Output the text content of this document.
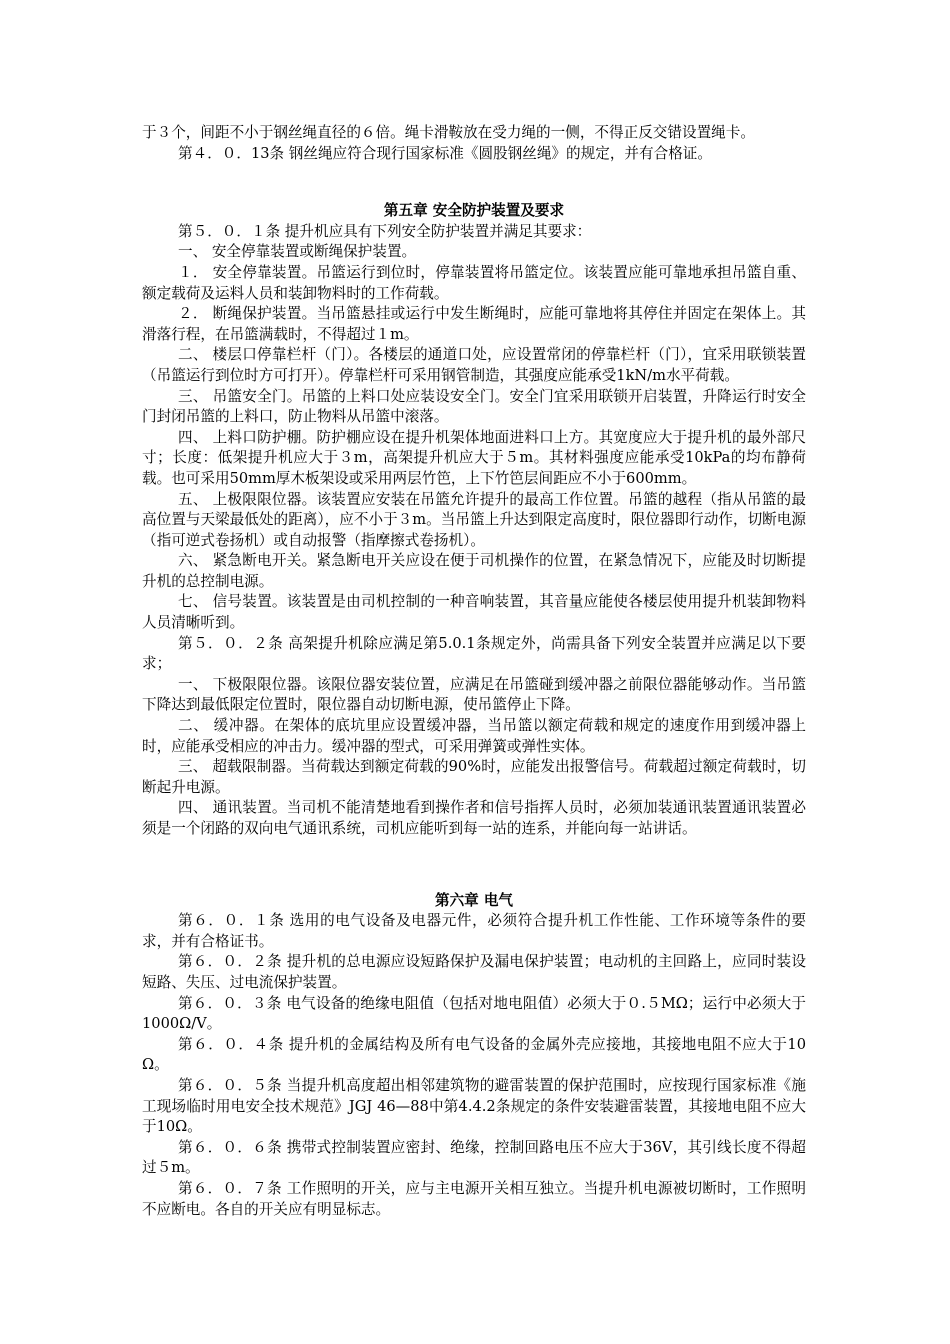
于３个，间距不小于钢丝绳直径的６倍。绳卡滑鞍放在受力绳的一侧，不得正反交错设置绳卡。

第４．０．13条 钢丝绳应符合现行国家标准《圆股钢丝绳》的规定，并有合格证。

第五章 安全防护装置及要求

第５．０．１条 提升机应具有下列安全防护装置并满足其要求：

一、 安全停靠装置或断绳保护装置。

１． 安全停靠装置。吊篮运行到位时，停靠装置将吊篮定位。该装置应能可靠地承担吊篮自重、额定载荷及运料人员和装卸物料时的工作荷载。

２． 断绳保护装置。当吊篮悬挂或运行中发生断绳时，应能可靠地将其停住并固定在架体上。其滑落行程，在吊篮满载时，不得超过１m。

二、 楼层口停靠栏杆（门）。各楼层的通道口处，应设置常闭的停靠栏杆（门），宜采用联锁装置（吊篮运行到位时方可打开）。停靠栏杆可采用钢管制造，其强度应能承受1kN/m水平荷载。

三、 吊篮安全门。吊篮的上料口处应装设安全门。安全门宜采用联锁开启装置，升降运行时安全门封闭吊篮的上料口，防止物料从吊篮中滚落。

四、 上料口防护棚。防护棚应设在提升机架体地面进料口上方。其宽度应大于提升机的最外部尺寸；长度：低架提升机应大于３m，高架提升机应大于５m。其材料强度应能承受10kPa的均布静荷载。也可采用50mm厚木板架设或采用两层竹笆，上下竹笆层间距应不小于600mm。

五、 上极限限位器。该装置应安装在吊篮允许提升的最高工作位置。吊篮的越程（指从吊篮的最高位置与天梁最低处的距离），应不小于３m。当吊篮上升达到限定高度时，限位器即行动作，切断电源（指可逆式卷扬机）或自动报警（指摩擦式卷扬机）。

六、 紧急断电开关。紧急断电开关应设在便于司机操作的位置，在紧急情况下，应能及时切断提升机的总控制电源。

七、 信号装置。该装置是由司机控制的一种音响装置，其音量应能使各楼层使用提升机装卸物料人员清晰听到。

第５．０．２条 高架提升机除应满足第5.0.1条规定外，尚需具备下列安全装置并应满足以下要求；

一、 下极限限位器。该限位器安装位置，应满足在吊篮碰到缓冲器之前限位器能够动作。当吊篮下降达到最低限定位置时，限位器自动切断电源，使吊篮停止下降。

二、 缓冲器。在架体的底坑里应设置缓冲器，当吊篮以额定荷载和规定的速度作用到缓冲器上时，应能承受相应的冲击力。缓冲器的型式，可采用弹簧或弹性实体。

三、 超载限制器。当荷载达到额定荷载的90%时，应能发出报警信号。荷载超过额定荷载时，切断起升电源。

四、 通讯装置。当司机不能清楚地看到操作者和信号指挥人员时，必须加装通讯装置通讯装置必须是一个闭路的双向电气通讯系统，司机应能听到每一站的连系，并能向每一站讲话。

第六章 电气

第６．０．１条 选用的电气设备及电器元件，必须符合提升机工作性能、工作环境等条件的要求，并有合格证书。

第６．０．２条 提升机的总电源应设短路保护及漏电保护装置；电动机的主回路上，应同时装设短路、失压、过电流保护装置。

第６．０．３条 电气设备的绝缘电阻值（包括对地电阻值）必须大于０.５MΩ；运行中必须大于1000Ω/V。

第６．０．４条 提升机的金属结构及所有电气设备的金属外壳应接地，其接地电阻不应大于10Ω。

第６．０．５条 当提升机高度超出相邻建筑物的避雷装置的保护范围时，应按现行国家标准《施工现场临时用电安全技术规范》JGJ 46—88中第4.4.2条规定的条件安装避雷装置，其接地电阻不应大于10Ω。

第６．０．６条 携带式控制装置应密封、绝缘，控制回路电压不应大于36V，其引线长度不得超过５m。

第６．０．７条 工作照明的开关，应与主电源开关相互独立。当提升机电源被切断时，工作照明不应断电。各自的开关应有明显标志。
